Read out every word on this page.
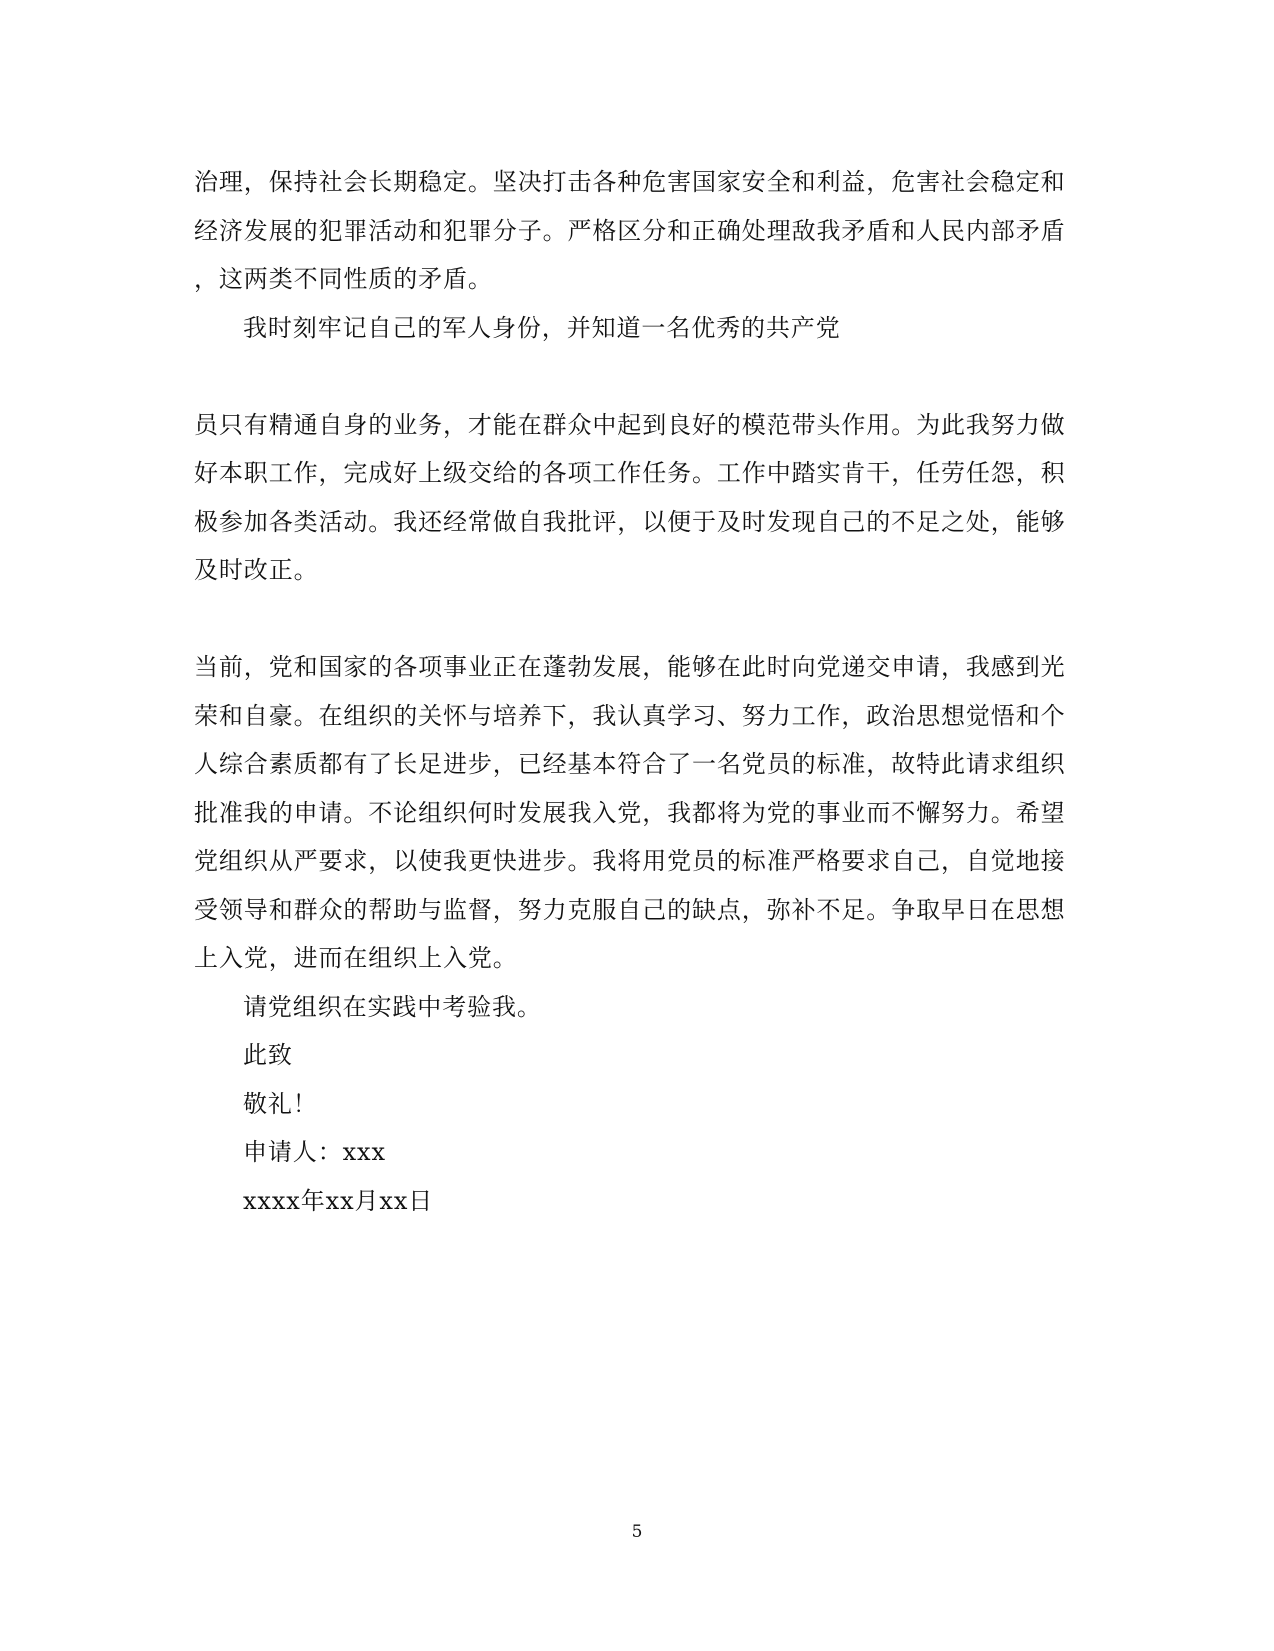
治理，保持社会长期稳定。坚决打击各种危害国家安全和利益，危害社会稳定和
经济发展的犯罪活动和犯罪分子。严格区分和正确处理敌我矛盾和人民内部矛盾
，这两类不同性质的矛盾。
我时刻牢记自己的军人身份，并知道一名优秀的共产党
员只有精通自身的业务，才能在群众中起到良好的模范带头作用。为此我努力做
好本职工作，完成好上级交给的各项工作任务。工作中踏实肯干，任劳任怨，积
极参加各类活动。我还经常做自我批评，以便于及时发现自己的不足之处，能够
及时改正。
当前，党和国家的各项事业正在蓬勃发展，能够在此时向党递交申请，我感到光
荣和自豪。在组织的关怀与培养下，我认真学习、努力工作，政治思想觉悟和个
人综合素质都有了长足进步，已经基本符合了一名党员的标准，故特此请求组织
批准我的申请。不论组织何时发展我入党，我都将为党的事业而不懈努力。希望
党组织从严要求，以使我更快进步。我将用党员的标准严格要求自己，自觉地接
受领导和群众的帮助与监督，努力克服自己的缺点，弥补不足。争取早日在思想
上入党，进而在组织上入党。
请党组织在实践中考验我。
此致
敬礼！
申请人：xxx
xxxx年xx月xx日
5
